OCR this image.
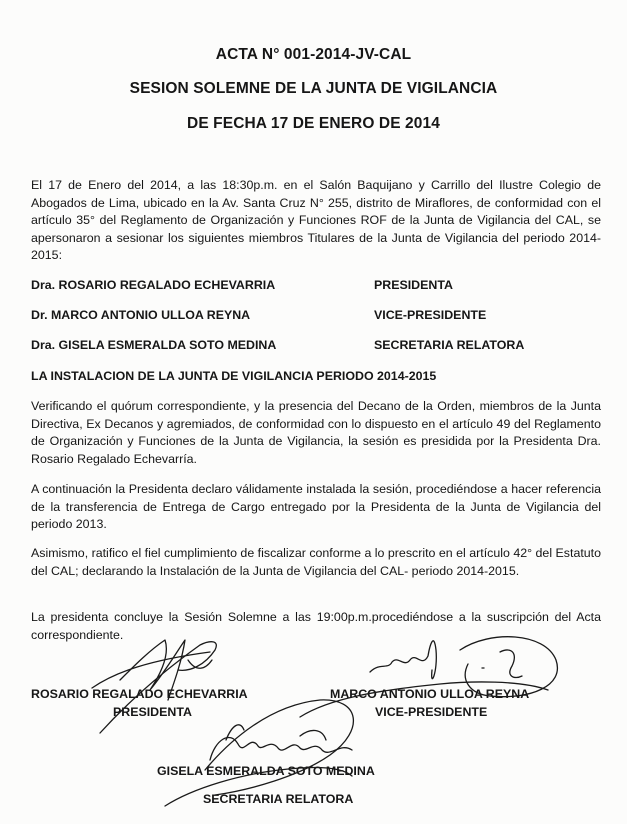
ACTA N° 001-2014-JV-CAL
SESION SOLEMNE DE LA JUNTA DE VIGILANCIA
DE FECHA 17 DE ENERO DE 2014
El 17 de Enero del 2014, a las 18:30p.m. en el Salón Baquijano y Carrillo del Ilustre Colegio de Abogados de Lima, ubicado en la Av. Santa Cruz N° 255, distrito de Miraflores, de conformidad con el artículo 35° del Reglamento de Organización y Funciones ROF de la Junta de Vigilancia del CAL, se apersonaron a sesionar los siguientes miembros Titulares de la Junta de Vigilancia del periodo 2014-2015:
Dra. ROSARIO REGALADO ECHEVARRIA	PRESIDENTA
Dr. MARCO ANTONIO ULLOA REYNA	VICE-PRESIDENTE
Dra. GISELA ESMERALDA SOTO MEDINA	SECRETARIA RELATORA
LA INSTALACION DE LA JUNTA DE VIGILANCIA PERIODO 2014-2015
Verificando el quórum correspondiente, y la presencia del Decano de la Orden, miembros de la Junta Directiva, Ex Decanos y agremiados, de conformidad con lo dispuesto en el artículo 49 del Reglamento de Organización y Funciones de la Junta de Vigilancia, la sesión es presidida por la Presidenta Dra. Rosario Regalado Echevarría.
A continuación la Presidenta declaro válidamente instalada la sesión, procediéndose a hacer referencia de la transferencia de Entrega de Cargo entregado por la Presidenta de la Junta de Vigilancia del periodo 2013.
Asimismo, ratifico el fiel cumplimiento de fiscalizar conforme a lo prescrito en el artículo 42° del Estatuto del CAL; declarando la Instalación de la Junta de Vigilancia del CAL- periodo 2014-2015.
La presidenta concluye la Sesión Solemne a las 19:00p.m.procediéndose a la suscripción del Acta correspondiente.
ROSARIO REGALADO ECHEVARRIA
PRESIDENTA
MARCO ANTONIO ULLOA REYNA
VICE-PRESIDENTE
GISELA ESMERALDA SOTO MEDINA
SECRETARIA RELATORA
